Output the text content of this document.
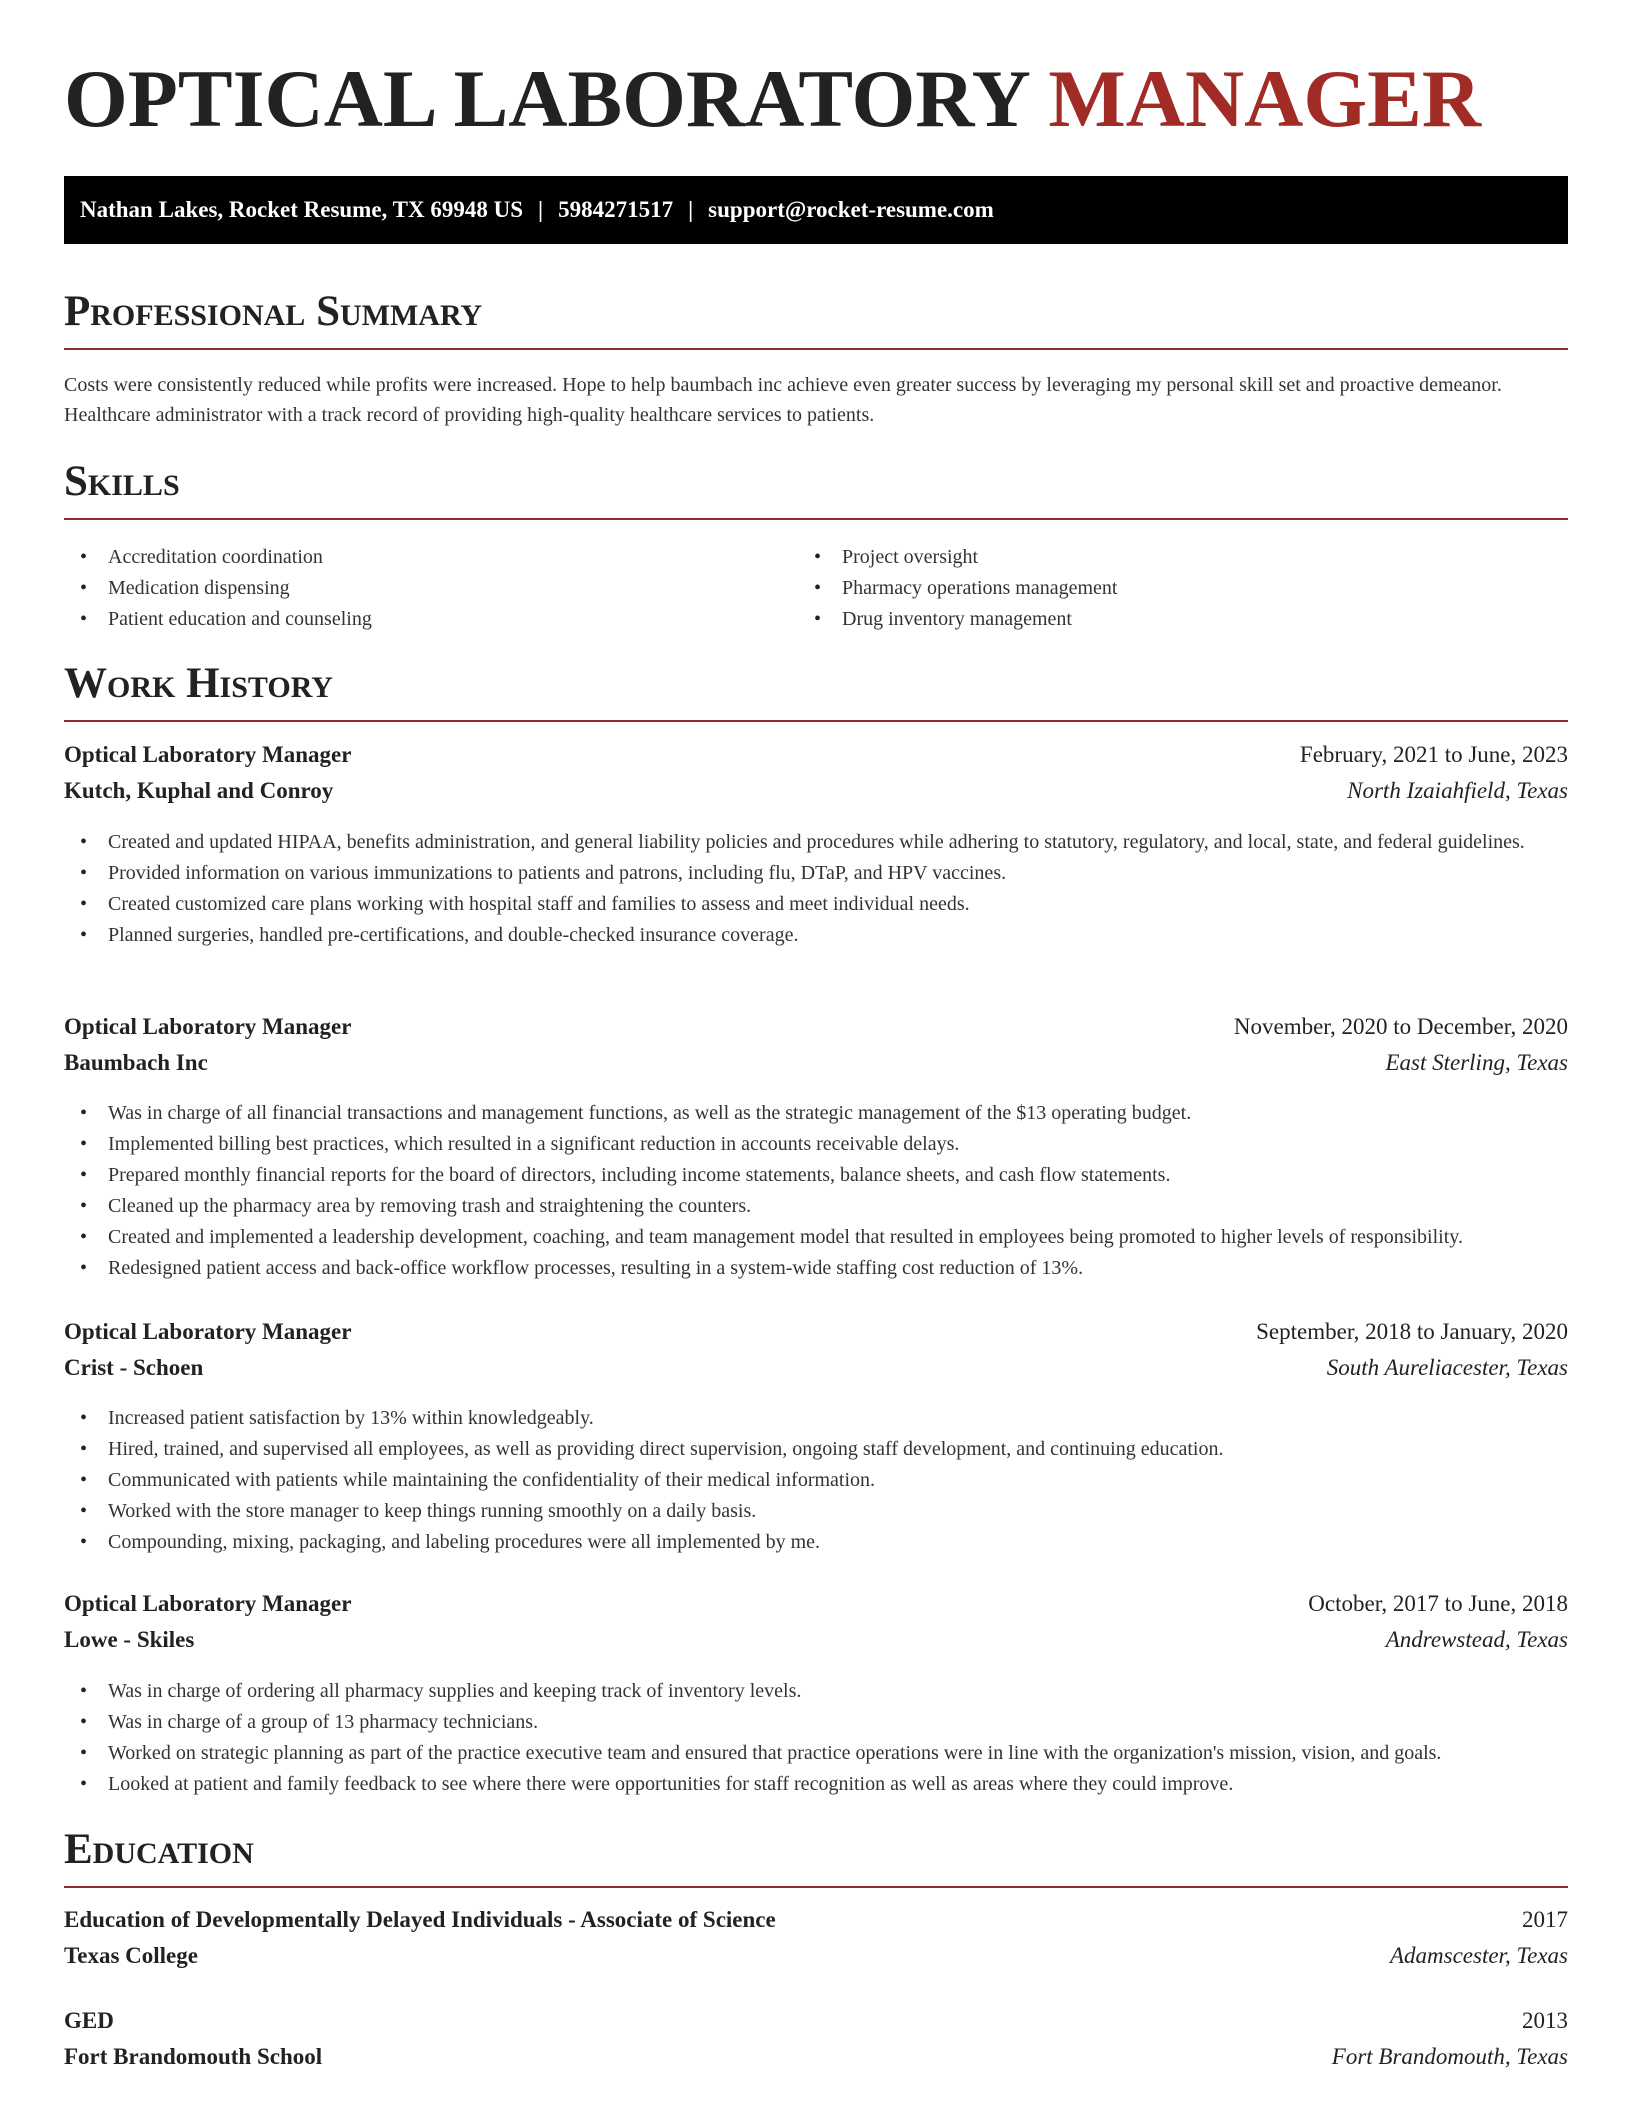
OPTICAL LABORATORY MANAGER
Nathan Lakes, Rocket Resume, TX 69948 US | 5984271517 | support@rocket-resume.com
Professional Summary

Costs were consistently reduced while profits were increased. Hope to help baumbach inc achieve even greater success by leveraging my personal skill set and proactive demeanor. Healthcare administrator with a track record of providing high-quality healthcare services to patients.

Skills
• Accreditation coordination
• Medication dispensing
• Patient education and counseling
• Project oversight
• Pharmacy operations management
• Drug inventory management
Work History
Optical Laboratory Manager	February, 2021 to June, 2023
Kutch, Kuphal and Conroy	North Izaiahfield, Texas
• Created and updated HIPAA, benefits administration, and general liability policies and procedures while adhering to statutory, regulatory, and local, state, and federal guidelines.
• Provided information on various immunizations to patients and patrons, including flu, DTaP, and HPV vaccines.
• Created customized care plans working with hospital staff and families to assess and meet individual needs.
• Planned surgeries, handled pre-certifications, and double-checked insurance coverage.
Optical Laboratory Manager	November, 2020 to December, 2020
Baumbach Inc	East Sterling, Texas
• Was in charge of all financial transactions and management functions, as well as the strategic management of the $13 operating budget.
• Implemented billing best practices, which resulted in a significant reduction in accounts receivable delays.
• Prepared monthly financial reports for the board of directors, including income statements, balance sheets, and cash flow statements.
• Cleaned up the pharmacy area by removing trash and straightening the counters.
• Created and implemented a leadership development, coaching, and team management model that resulted in employees being promoted to higher levels of responsibility.
• Redesigned patient access and back-office workflow processes, resulting in a system-wide staffing cost reduction of 13%.
Optical Laboratory Manager	September, 2018 to January, 2020
Crist - Schoen	South Aureliacester, Texas
• Increased patient satisfaction by 13% within knowledgeably.
• Hired, trained, and supervised all employees, as well as providing direct supervision, ongoing staff development, and continuing education.
• Communicated with patients while maintaining the confidentiality of their medical information.
• Worked with the store manager to keep things running smoothly on a daily basis.
• Compounding, mixing, packaging, and labeling procedures were all implemented by me.
Optical Laboratory Manager	October, 2017 to June, 2018
Lowe - Skiles	Andrewstead, Texas
• Was in charge of ordering all pharmacy supplies and keeping track of inventory levels.
• Was in charge of a group of 13 pharmacy technicians.
• Worked on strategic planning as part of the practice executive team and ensured that practice operations were in line with the organization's mission, vision, and goals.
• Looked at patient and family feedback to see where there were opportunities for staff recognition as well as areas where they could improve.
Education
Education of Developmentally Delayed Individuals - Associate of Science	2017
Texas College	Adamscester, Texas
GED	2013
Fort Brandomouth School	Fort Brandomouth, Texas
